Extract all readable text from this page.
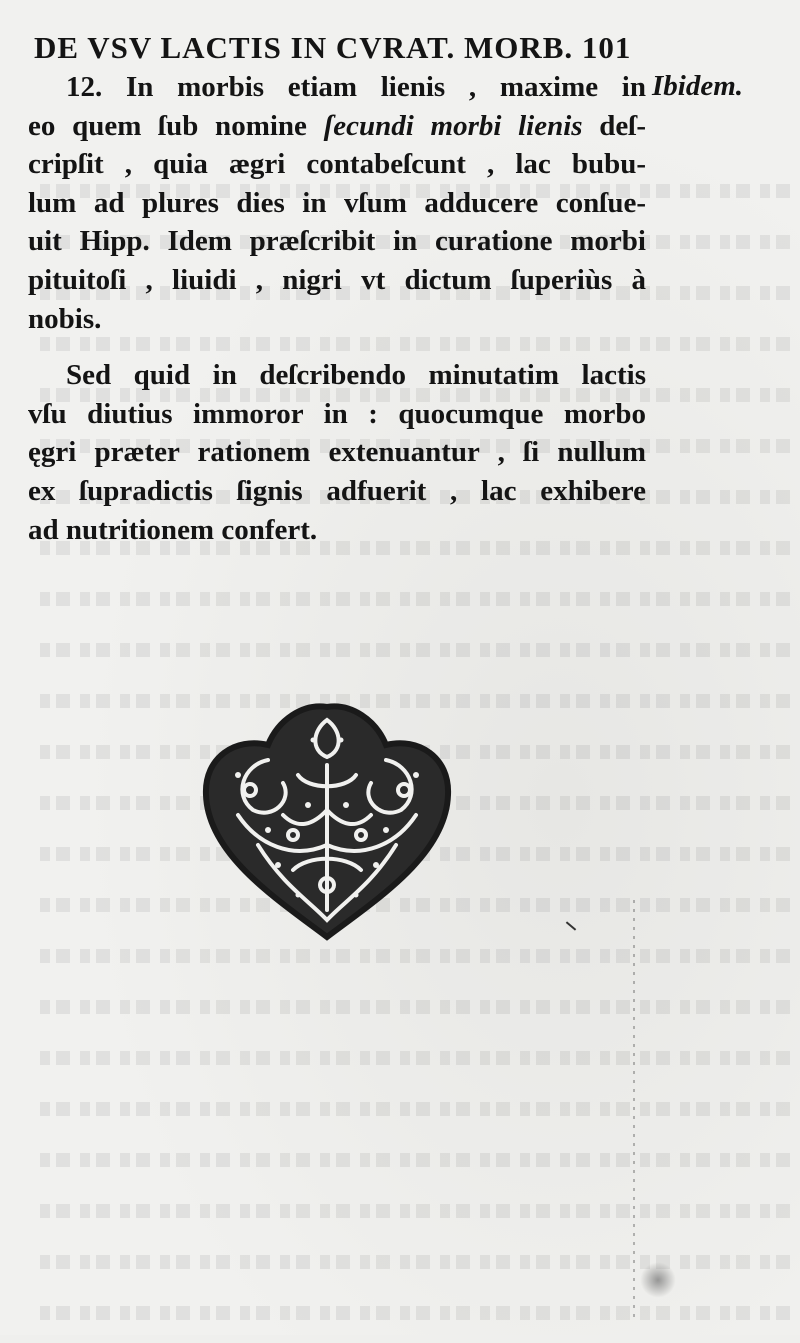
DE VSV LACTIS IN CVRAT. MORB. 101
Ibidem.
12. In morbis etiam lienis , maxime in
eo quem ſub nomine ſecundi morbi lienis deſ-
cripſit , quia ægri contabeſcunt , lac bubu-
lum ad plures dies in vſum adducere conſue-
uit Hipp. Idem præſcribit in curatione morbi
pituitoſi , liuidi , nigri vt dictum ſuperiùs à
nobis.
Sed quid in deſcribendo minutatim lactis
vſu diutius immoror in : quocumque morbo
ęgri præter rationem extenuantur , ſi nullum
ex ſupradictis ſignis adfuerit , lac exhibere
ad nutritionem confert.
